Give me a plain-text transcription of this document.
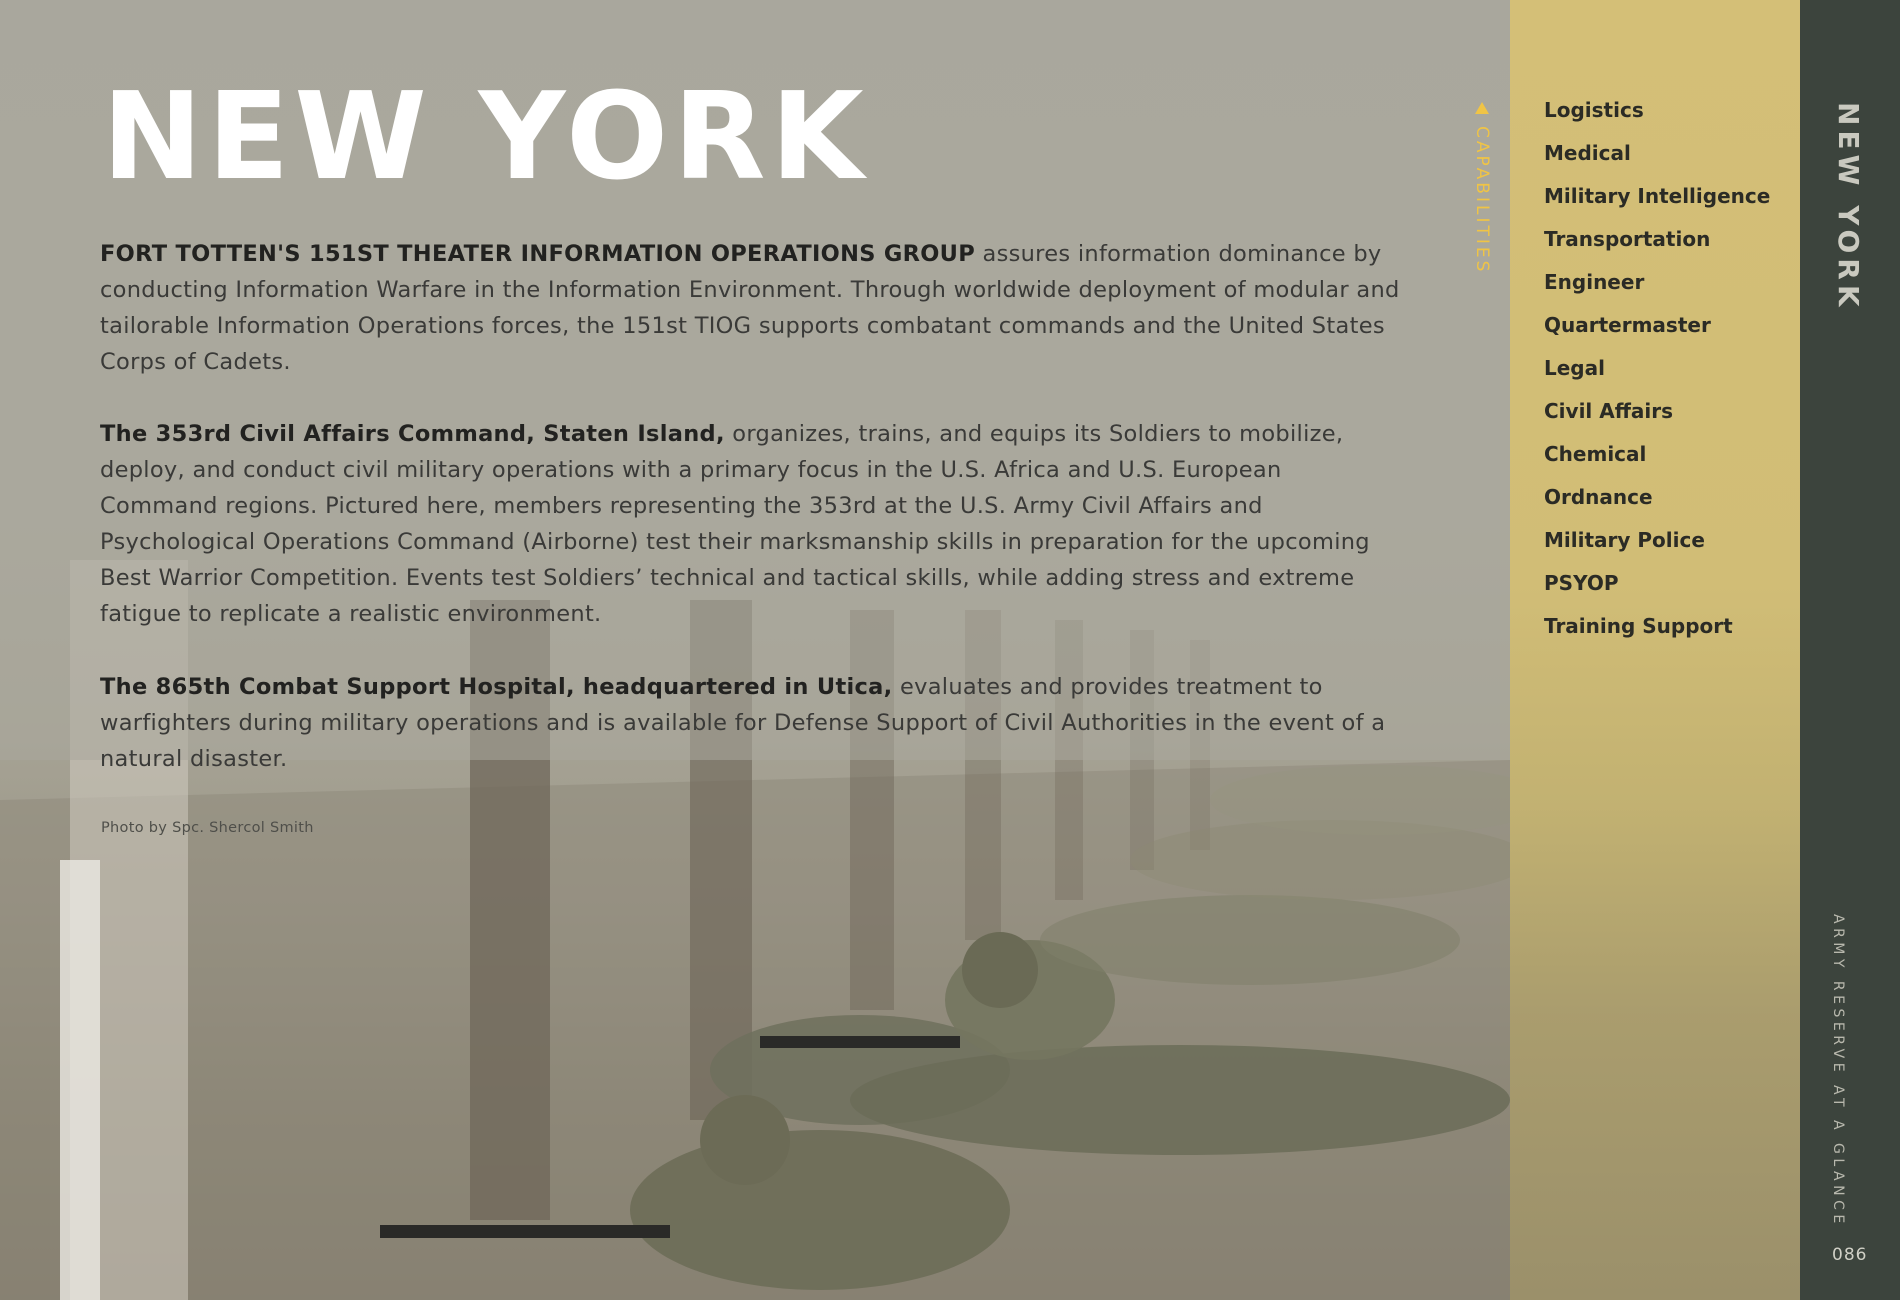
NEW YORK

FORT TOTTEN'S 151ST THEATER INFORMATION OPERATIONS GROUP assures information dominance by conducting Information Warfare in the Information Environment. Through worldwide deployment of modular and tailorable Information Operations forces, the 151st TIOG supports combatant commands and the United States Corps of Cadets.

The 353rd Civil Affairs Command, Staten Island, organizes, trains, and equips its Soldiers to mobilize, deploy, and conduct civil military operations with a primary focus in the U.S. Africa and U.S. European Command regions. Pictured here, members representing the 353rd at the U.S. Army Civil Affairs and Psychological Operations Command (Airborne) test their marksmanship skills in preparation for the upcoming Best Warrior Competition. Events test Soldiers’ technical and tactical skills, while adding stress and extreme fatigue to replicate a realistic environment.

The 865th Combat Support Hospital, headquartered in Utica, evaluates and provides treatment to warfighters during military operations and is available for Defense Support of Civil Authorities in the event of a natural disaster.

Photo by Spc. Shercol Smith

CAPABILITIES
Logistics
Medical
Military Intelligence
Transportation
Engineer
Quartermaster
Legal
Civil Affairs
Chemical
Ordnance
Military Police
PSYOP
Training Support
NEW YORK
ARMY RESERVE AT A GLANCE
086
